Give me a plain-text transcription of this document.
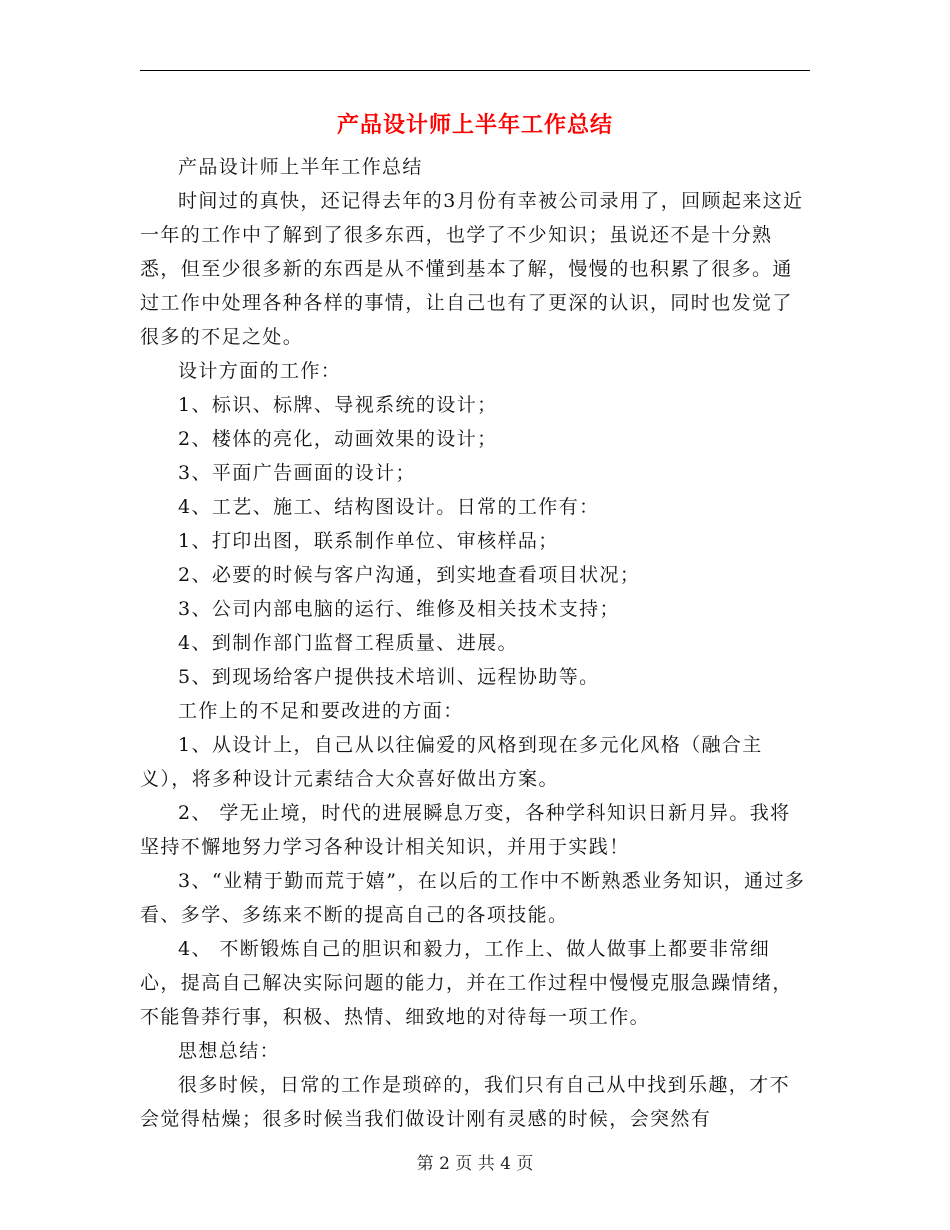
产品设计师上半年工作总结

产品设计师上半年工作总结

时间过的真快，还记得去年的3月份有幸被公司录用了，回顾起来这近一年的工作中了解到了很多东西，也学了不少知识；虽说还不是十分熟悉，但至少很多新的东西是从不懂到基本了解，慢慢的也积累了很多。通过工作中处理各种各样的事情，让自己也有了更深的认识，同时也发觉了很多的不足之处。

设计方面的工作：

1、标识、标牌、导视系统的设计；

2、楼体的亮化，动画效果的设计；

3、平面广告画面的设计；

4、工艺、施工、结构图设计。日常的工作有：

1、打印出图，联系制作单位、审核样品；

2、必要的时候与客户沟通，到实地查看项目状况；

3、公司内部电脑的运行、维修及相关技术支持；

4、到制作部门监督工程质量、进展。

5、到现场给客户提供技术培训、远程协助等。

工作上的不足和要改进的方面：

1、从设计上，自己从以往偏爱的风格到现在多元化风格（融合主义），将多种设计元素结合大众喜好做出方案。

2、 学无止境，时代的进展瞬息万变，各种学科知识日新月异。我将坚持不懈地努力学习各种设计相关知识，并用于实践！

3、“业精于勤而荒于嬉”，在以后的工作中不断熟悉业务知识，通过多看、多学、多练来不断的提高自己的各项技能。

4、 不断锻炼自己的胆识和毅力，工作上、做人做事上都要非常细心，提高自己解决实际问题的能力，并在工作过程中慢慢克服急躁情绪，不能鲁莽行事，积极、热情、细致地的对待每一项工作。

思想总结：

很多时候，日常的工作是琐碎的，我们只有自己从中找到乐趣，才不会觉得枯燥；很多时候当我们做设计刚有灵感的时候，会突然有

第 2 页 共 4 页
